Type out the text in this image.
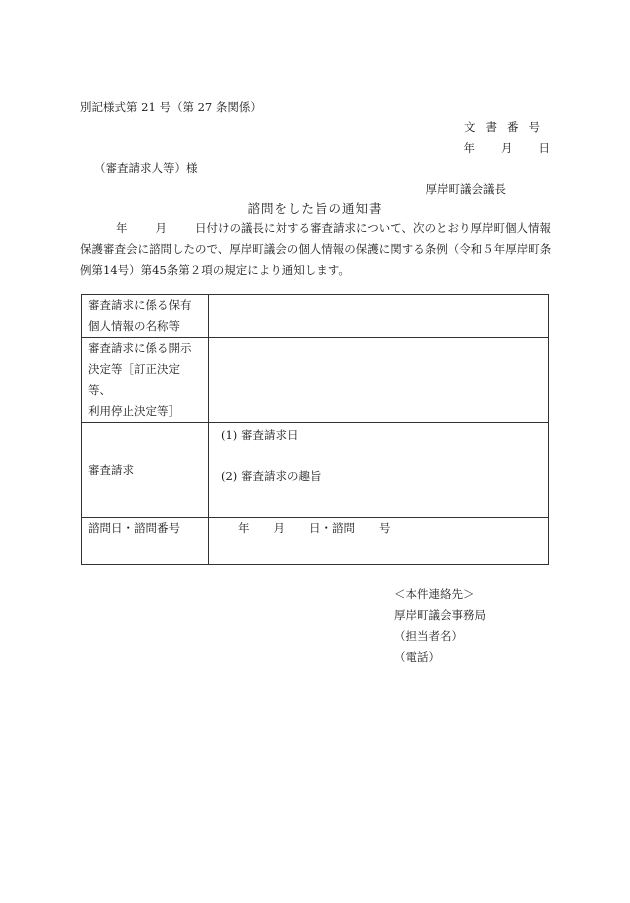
別記様式第 21 号（第 27 条関係）
文書番号
年 月 日
（審査請求人等）様
厚岸町議会議長
諮問をした旨の通知書
年 月 日付けの議長に対する審査請求について、次のとおり厚岸町個人情報保護審査会に諮問したので、厚岸町議会の個人情報の保護に関する条例（令和５年厚岸町条例第14号）第45条第２項の規定により通知します。
審査請求に係る保有
個人情報の名称等	

審査請求に係る開示
決定等［訂正決定等、
利用停止決定等］	

審査請求	(1) 審査請求日
(2) 審査請求の趣旨

諮問日・諮問番号	年 月 日・諮問 号
＜本件連絡先＞
厚岸町議会事務局
（担当者名）
（電話）
